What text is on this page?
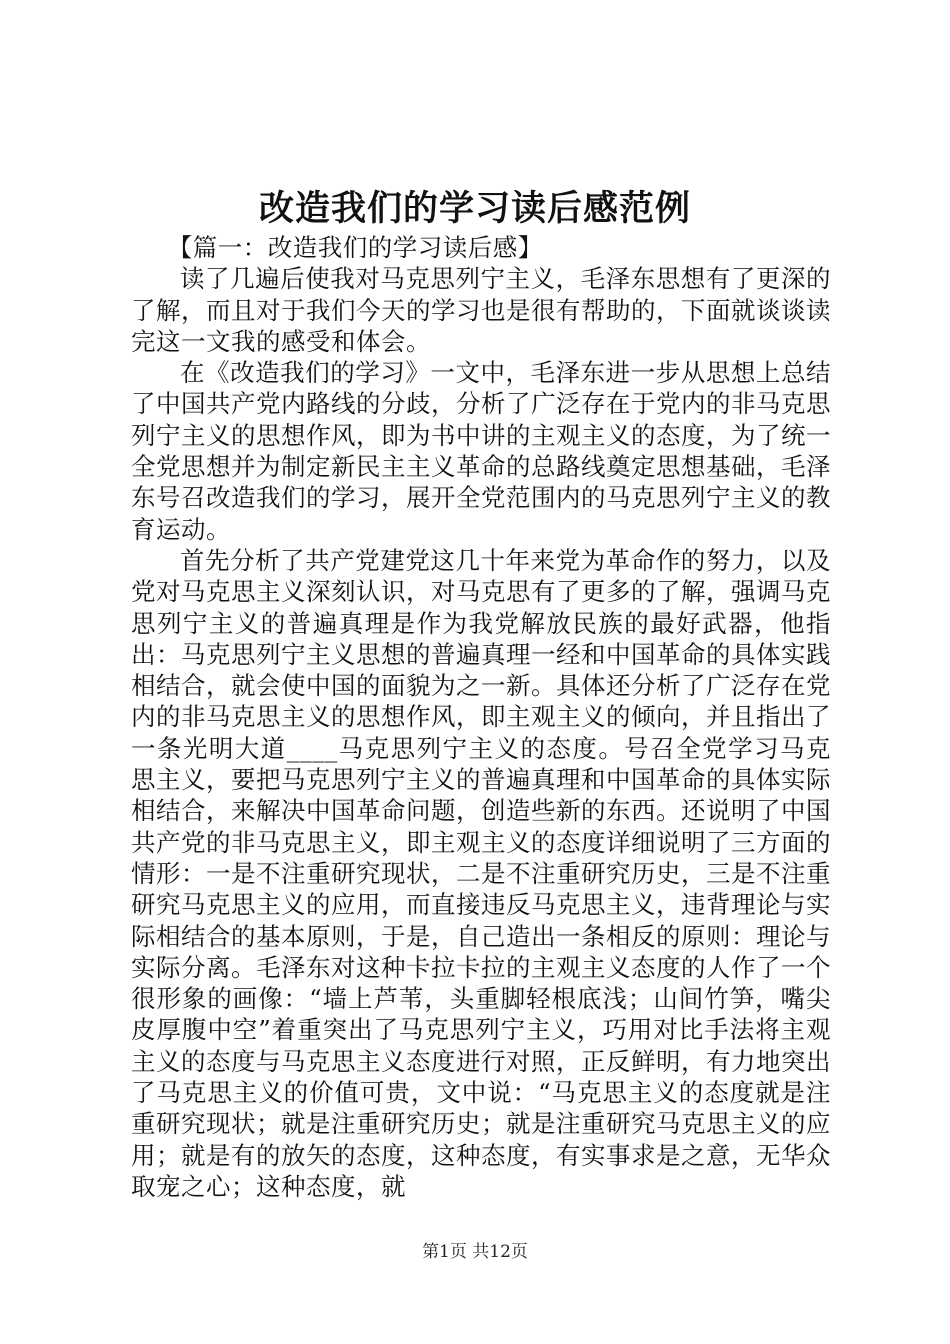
改造我们的学习读后感范例

【篇一：改造我们的学习读后感】

读了几遍后使我对马克思列宁主义，毛泽东思想有了更深的了解，而且对于我们今天的学习也是很有帮助的，下面就谈谈读完这一文我的感受和体会。

在《改造我们的学习》一文中，毛泽东进一步从思想上总结了中国共产党内路线的分歧，分析了广泛存在于党内的非马克思列宁主义的思想作风，即为书中讲的主观主义的态度，为了统一全党思想并为制定新民主主义革命的总路线奠定思想基础，毛泽东号召改造我们的学习，展开全党范围内的马克思列宁主义的教育运动。

首先分析了共产党建党这几十年来党为革命作的努力，以及党对马克思主义深刻认识，对马克思有了更多的了解，强调马克思列宁主义的普遍真理是作为我党解放民族的最好武器，他指出：马克思列宁主义思想的普遍真理一经和中国革命的具体实践相结合，就会使中国的面貌为之一新。具体还分析了广泛存在党内的非马克思主义的思想作风，即主观主义的倾向，并且指出了一条光明大道____马克思列宁主义的态度。号召全党学习马克思主义，要把马克思列宁主义的普遍真理和中国革命的具体实际相结合，来解决中国革命问题，创造些新的东西。还说明了中国共产党的非马克思主义，即主观主义的态度详细说明了三方面的情形：一是不注重研究现状，二是不注重研究历史，三是不注重研究马克思主义的应用，而直接违反马克思主义，违背理论与实际相结合的基本原则，于是，自己造出一条相反的原则：理论与实际分离。毛泽东对这种卡拉卡拉的主观主义态度的人作了一个很形象的画像：“墙上芦苇，头重脚轻根底浅；山间竹笋，嘴尖皮厚腹中空”着重突出了马克思列宁主义，巧用对比手法将主观主义的态度与马克思主义态度进行对照，正反鲜明，有力地突出了马克思主义的价值可贵，文中说：“马克思主义的态度就是注重研究现状；就是注重研究历史；就是注重研究马克思主义的应用；就是有的放矢的态度，这种态度，有实事求是之意，无华众取宠之心；这种态度，就

第1页 共12页
